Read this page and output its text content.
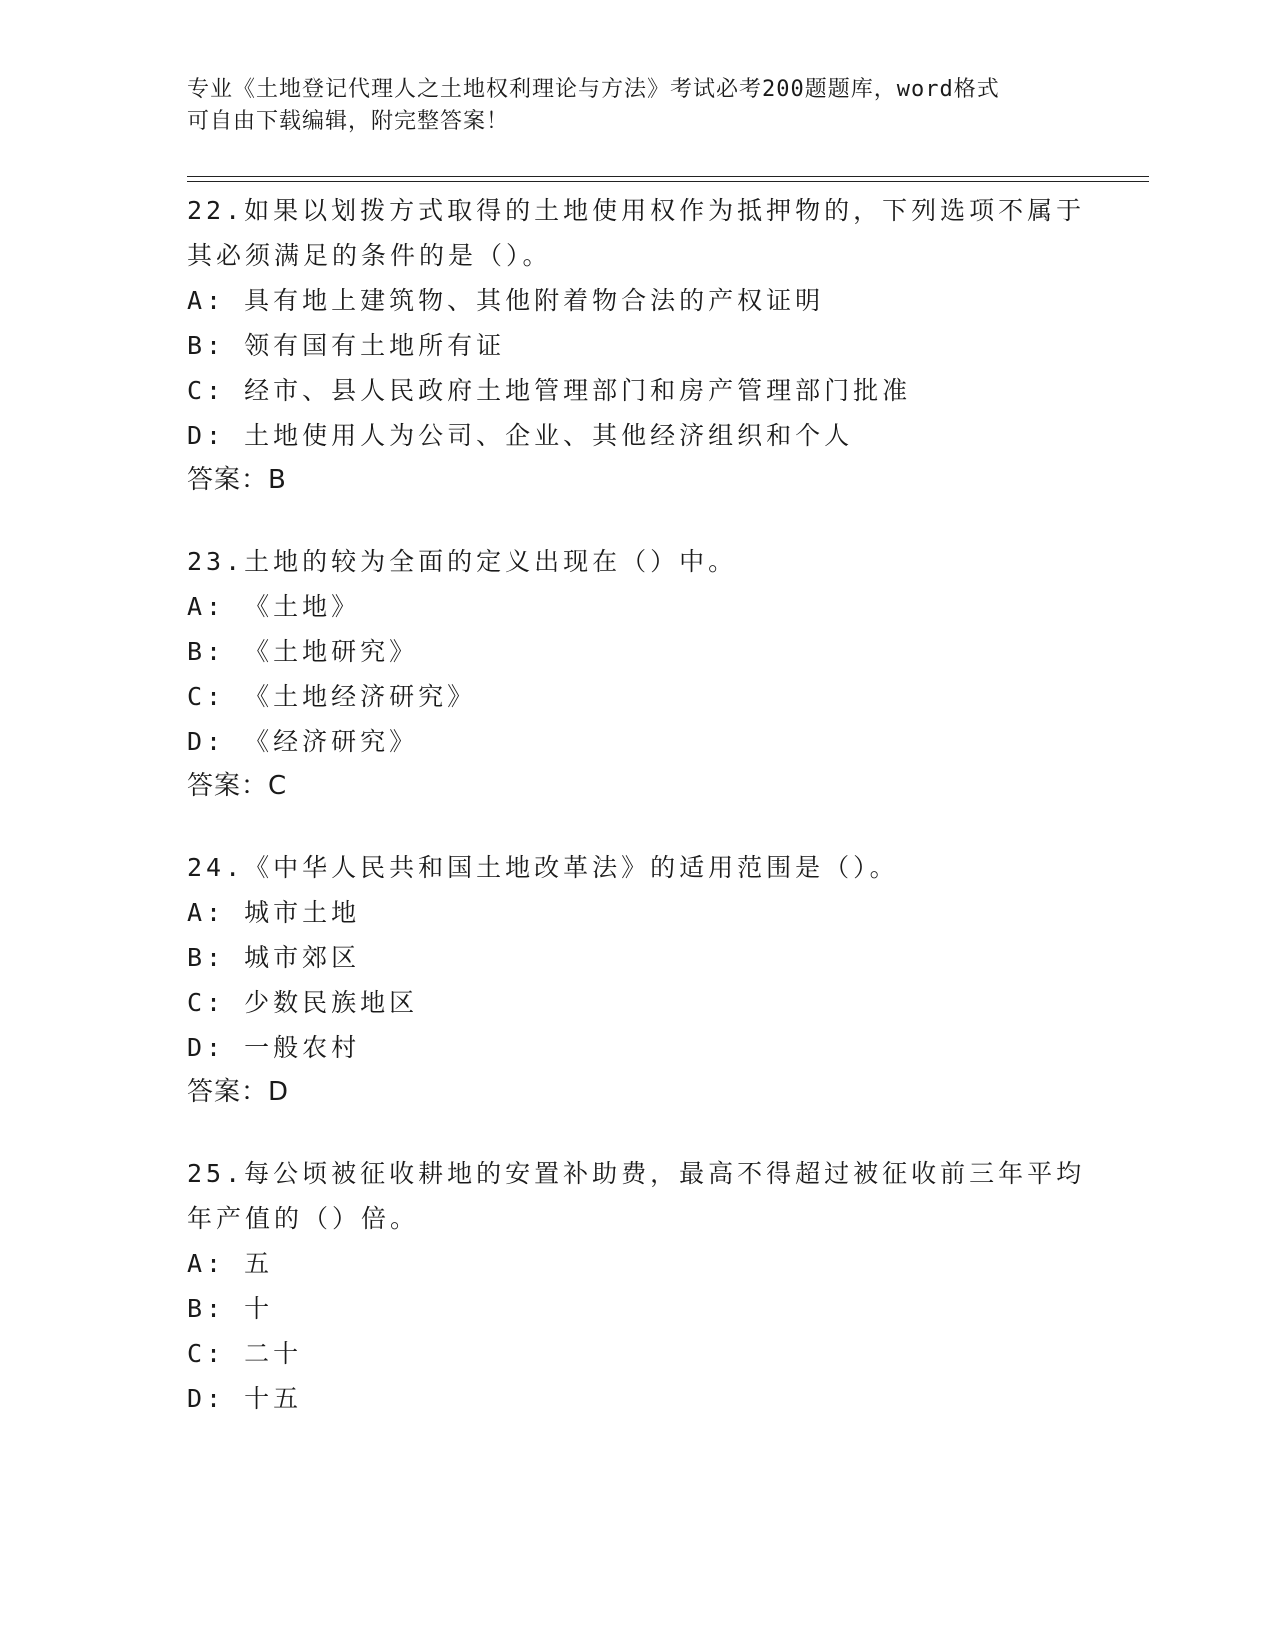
专业《土地登记代理人之土地权利理论与方法》考试必考200题题库，word格式
可自由下载编辑，附完整答案！
22.如果以划拨方式取得的土地使用权作为抵押物的，下列选项不属于
其必须满足的条件的是（）。
A: 具有地上建筑物、其他附着物合法的产权证明
B: 领有国有土地所有证
C: 经市、县人民政府土地管理部门和房产管理部门批准
D: 土地使用人为公司、企业、其他经济组织和个人
答案：B
23.土地的较为全面的定义出现在（）中。
A: 《土地》
B: 《土地研究》
C: 《土地经济研究》
D: 《经济研究》
答案：C
24.《中华人民共和国土地改革法》的适用范围是（）。
A: 城市土地
B: 城市郊区
C: 少数民族地区
D: 一般农村
答案：D
25.每公顷被征收耕地的安置补助费，最高不得超过被征收前三年平均
年产值的（）倍。
A: 五
B: 十
C: 二十
D: 十五
